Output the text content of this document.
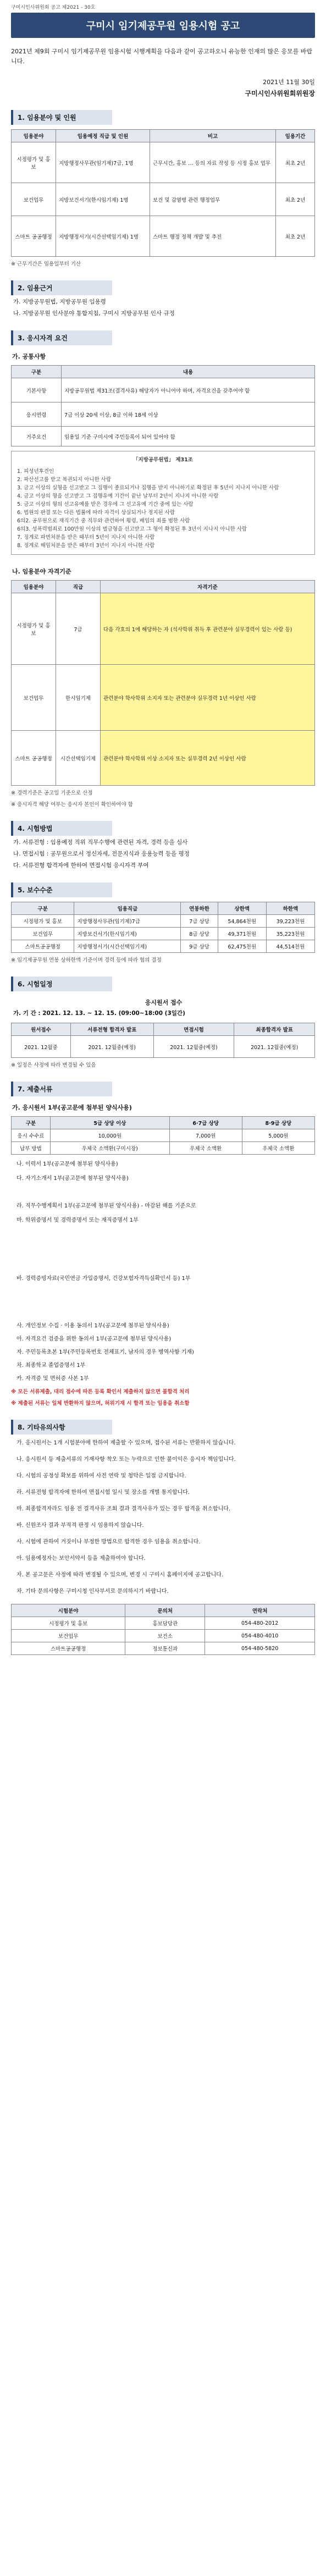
구미시인사위원회 공고 제2021 - 30호
구미시 임기제공무원 임용시험 공고
2021년 제9회 구미시 임기제공무원 임용시험 시행계획을 다음과 같이 공고하오니 유능한 인재의 많은 응모를 바랍니다.
2021년 11월 30일
구미시인사위원회위원장
1. 임용분야 및 인원
임용분야	임용예정 직급 및 인원	비고	임용기간
시정평가 및 홍보	지방행정사무관(임기제)7급, 1명	근무시간, 홍보 … 등의 자료 작성 등 시정 홍보 업무	최초 2년
보건업무	지방보건서기(한시임기제) 1명	보건 및 감염병 관련 행정업무	최초 2년
스마트 공공행정	지방행정서기(시간선택임기제) 1명	스마트 행정 정책 개발 및 추진	최초 2년
※ 근무기간은 임용일부터 기산
2. 임용근거
가. 지방공무원법, 지방공무원 임용령
나. 지방공무원 인사분야 통합지침, 구미시 지방공무원 인사 규정
3. 응시자격 요건
가. 공통사항
구분	내용
기본사항	지방공무원법 제31조(결격사유) 해당자가 아니어야 하며, 자격요건을 갖추어야 함
응시연령	7급 이상 20세 이상, 8급 이하 18세 이상
거주요건	임용일 기준 구미시에 주민등록이 되어 있어야 함
「지방공무원법」 제31조
1. 피성년후견인
2. 파산선고를 받고 복권되지 아니한 사람
3. 금고 이상의 실형을 선고받고 그 집행이 종료되거나 집행을 받지 아니하기로 확정된 후 5년이 지나지 아니한 사람
4. 금고 이상의 형을 선고받고 그 집행유예 기간이 끝난 날부터 2년이 지나지 아니한 사람
5. 금고 이상의 형의 선고유예를 받은 경우에 그 선고유예 기간 중에 있는 사람
6. 법원의 판결 또는 다른 법률에 따라 자격이 상실되거나 정지된 사람
6의2. 공무원으로 재직기간 중 직무와 관련하여 횡령, 배임의 죄를 범한 사람
6의3. 성폭력범죄로 100만원 이상의 벌금형을 선고받고 그 형이 확정된 후 3년이 지나지 아니한 사람
7. 징계로 파면처분을 받은 때부터 5년이 지나지 아니한 사람
8. 징계로 해임처분을 받은 때부터 3년이 지나지 아니한 사람
나. 임용분야 자격기준
임용분야	직급	자격기준
시정평가 및 홍보	7급	다음 각호의 1에 해당하는 자 (석사학위 취득 후 관련분야 실무경력이 있는 사람 등)
보건업무	한시임기제	관련분야 학사학위 소지자 또는 관련분야 실무경력 1년 이상인 사람
스마트 공공행정	시간선택임기제	관련분야 학사학위 이상 소지자 또는 실무경력 2년 이상인 사람
※ 경력기준은 공고일 기준으로 산정
※ 응시자격 해당 여부는 응시자 본인이 확인하여야 함
4. 시험방법
가. 서류전형 : 임용예정 직위 직무수행에 관련된 자격, 경력 등을 심사
나. 면접시험 : 공무원으로서 정신자세, 전문지식과 응용능력 등을 평정
다. 서류전형 합격자에 한하여 면접시험 응시자격 부여
5. 보수수준
구분	임용직급	연봉하한	상한액	하한액
시정평가 및 홍보	지방행정사무관(임기제)7급	7급 상당	54,864천원	39,223천원
보건업무	지방보건서기(한시임기제)	8급 상당	49,371천원	35,223천원
스마트공공행정	지방행정서기(시간선택임기제)	9급 상당	62,475천원	44,514천원
※ 임기제공무원 연봉 상하한액 기준이며 경력 등에 따라 협의 결정
6. 시험일정
응시원서 접수
가. 기 간 : 2021. 12. 13. ~ 12. 15. (09:00~18:00 (3일간)
원서접수	서류전형 합격자 발표	면접시험	최종합격자 발표
2021. 12월중	2021. 12월중(예정)	2021. 12월중(예정)	2021. 12월중(예정)
※ 일정은 사정에 따라 변경될 수 있음
7. 제출서류
가. 응시원서 1부(공고문에 첨부된 양식사용)
구분	5급 상당 이상	6·7급 상당	8·9급 상당
응시 수수료	10,000원	7,000원	5,000원
납부 방법	우체국 소액환(구미시장)	우체국 소액환	우체국 소액환
나. 이력서 1부(공고문에 첨부된 양식사용)
다. 자기소개서 1부(공고문에 첨부된 양식사용)
라. 직무수행계획서 1부(공고문에 첨부된 양식사용) - 마감된 해를 기준으로
마. 학위증명서 및 경력증명서 또는 재직증명서 1부
바. 경력증빙자료(국민연금 가입증명서, 건강보험자격득실확인서 등) 1부
사. 개인정보 수집 · 이용 동의서 1부(공고문에 첨부된 양식사용)
아. 자격요건 검증을 위한 동의서 1부(공고문에 첨부된 양식사용)
자. 주민등록초본 1부(주민등록번호 전체표기, 남자의 경우 병역사항 기재)
차. 최종학교 졸업증명서 1부
카. 자격증 및 면허증 사본 1부
※ 모든 서류제출, 대리 접수에 따른 등록 확인서 제출하지 않으면 불합격 처리
※ 제출된 서류는 일체 반환하지 않으며, 허위기재 시 합격 또는 임용을 취소함
8. 기타유의사항
가. 응시원서는 1개 시험분야에 한하여 제출할 수 있으며, 접수된 서류는 반환하지 않습니다.
나. 응시원서 등 제출서류의 기재사항 착오 또는 누락으로 인한 불이익은 응시자 책임입니다.
다. 시험의 공정성 확보를 위하여 사전 연락 및 청탁은 일절 금지합니다.
라. 서류전형 합격자에 한하여 면접시험 일시 및 장소를 개별 통지합니다.
마. 최종합격자라도 임용 전 결격사유 조회 결과 결격사유가 있는 경우 합격을 취소합니다.
바. 신원조사 결과 부적격 판정 시 임용하지 않습니다.
사. 시험에 관하여 거짓이나 부정한 방법으로 합격한 경우 임용을 취소합니다.
아. 임용예정자는 보안서약서 등을 제출하여야 합니다.
자. 본 공고문은 사정에 따라 변경될 수 있으며, 변경 시 구미시 홈페이지에 공고합니다.
차. 기타 문의사항은 구미시청 인사부서로 문의하시기 바랍니다.
시험분야	문의처	연락처
시정평가 및 홍보	홍보담당관	054-480-2012
보건업무	보건소	054-480-4010
스마트공공행정	정보통신과	054-480-5820
